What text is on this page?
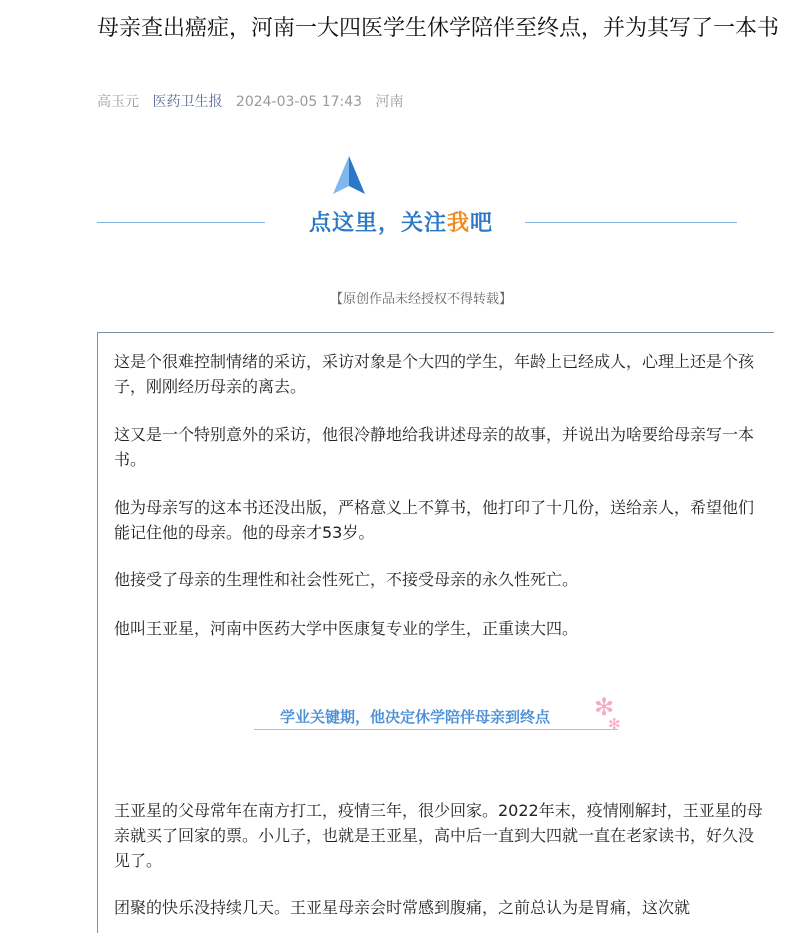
母亲查出癌症，河南一大四医学生休学陪伴至终点，并为其写了一本书
高玉元 医药卫生报 2024-03-05 17:43 河南
点这里，关注我吧
【原创作品未经授权不得转载】

这是个很难控制情绪的采访，采访对象是个大四的学生，年龄上已经成人，心理上还是个孩子，刚刚经历母亲的离去。

这又是一个特别意外的采访，他很冷静地给我讲述母亲的故事，并说出为啥要给母亲写一本书。

他为母亲写的这本书还没出版，严格意义上不算书，他打印了十几份，送给亲人，希望他们能记住他的母亲。他的母亲才53岁。

他接受了母亲的生理性和社会性死亡，不接受母亲的永久性死亡。

他叫王亚星，河南中医药大学中医康复专业的学生，正重读大四。

学业关键期，他决定休学陪伴母亲到终点 ✻
✻

王亚星的父母常年在南方打工，疫情三年，很少回家。2022年末，疫情刚解封，王亚星的母亲就买了回家的票。小儿子，也就是王亚星，高中后一直到大四就一直在老家读书，好久没见了。

团聚的快乐没持续几天。王亚星母亲会时常感到腹痛，之前总认为是胃痛，这次就
